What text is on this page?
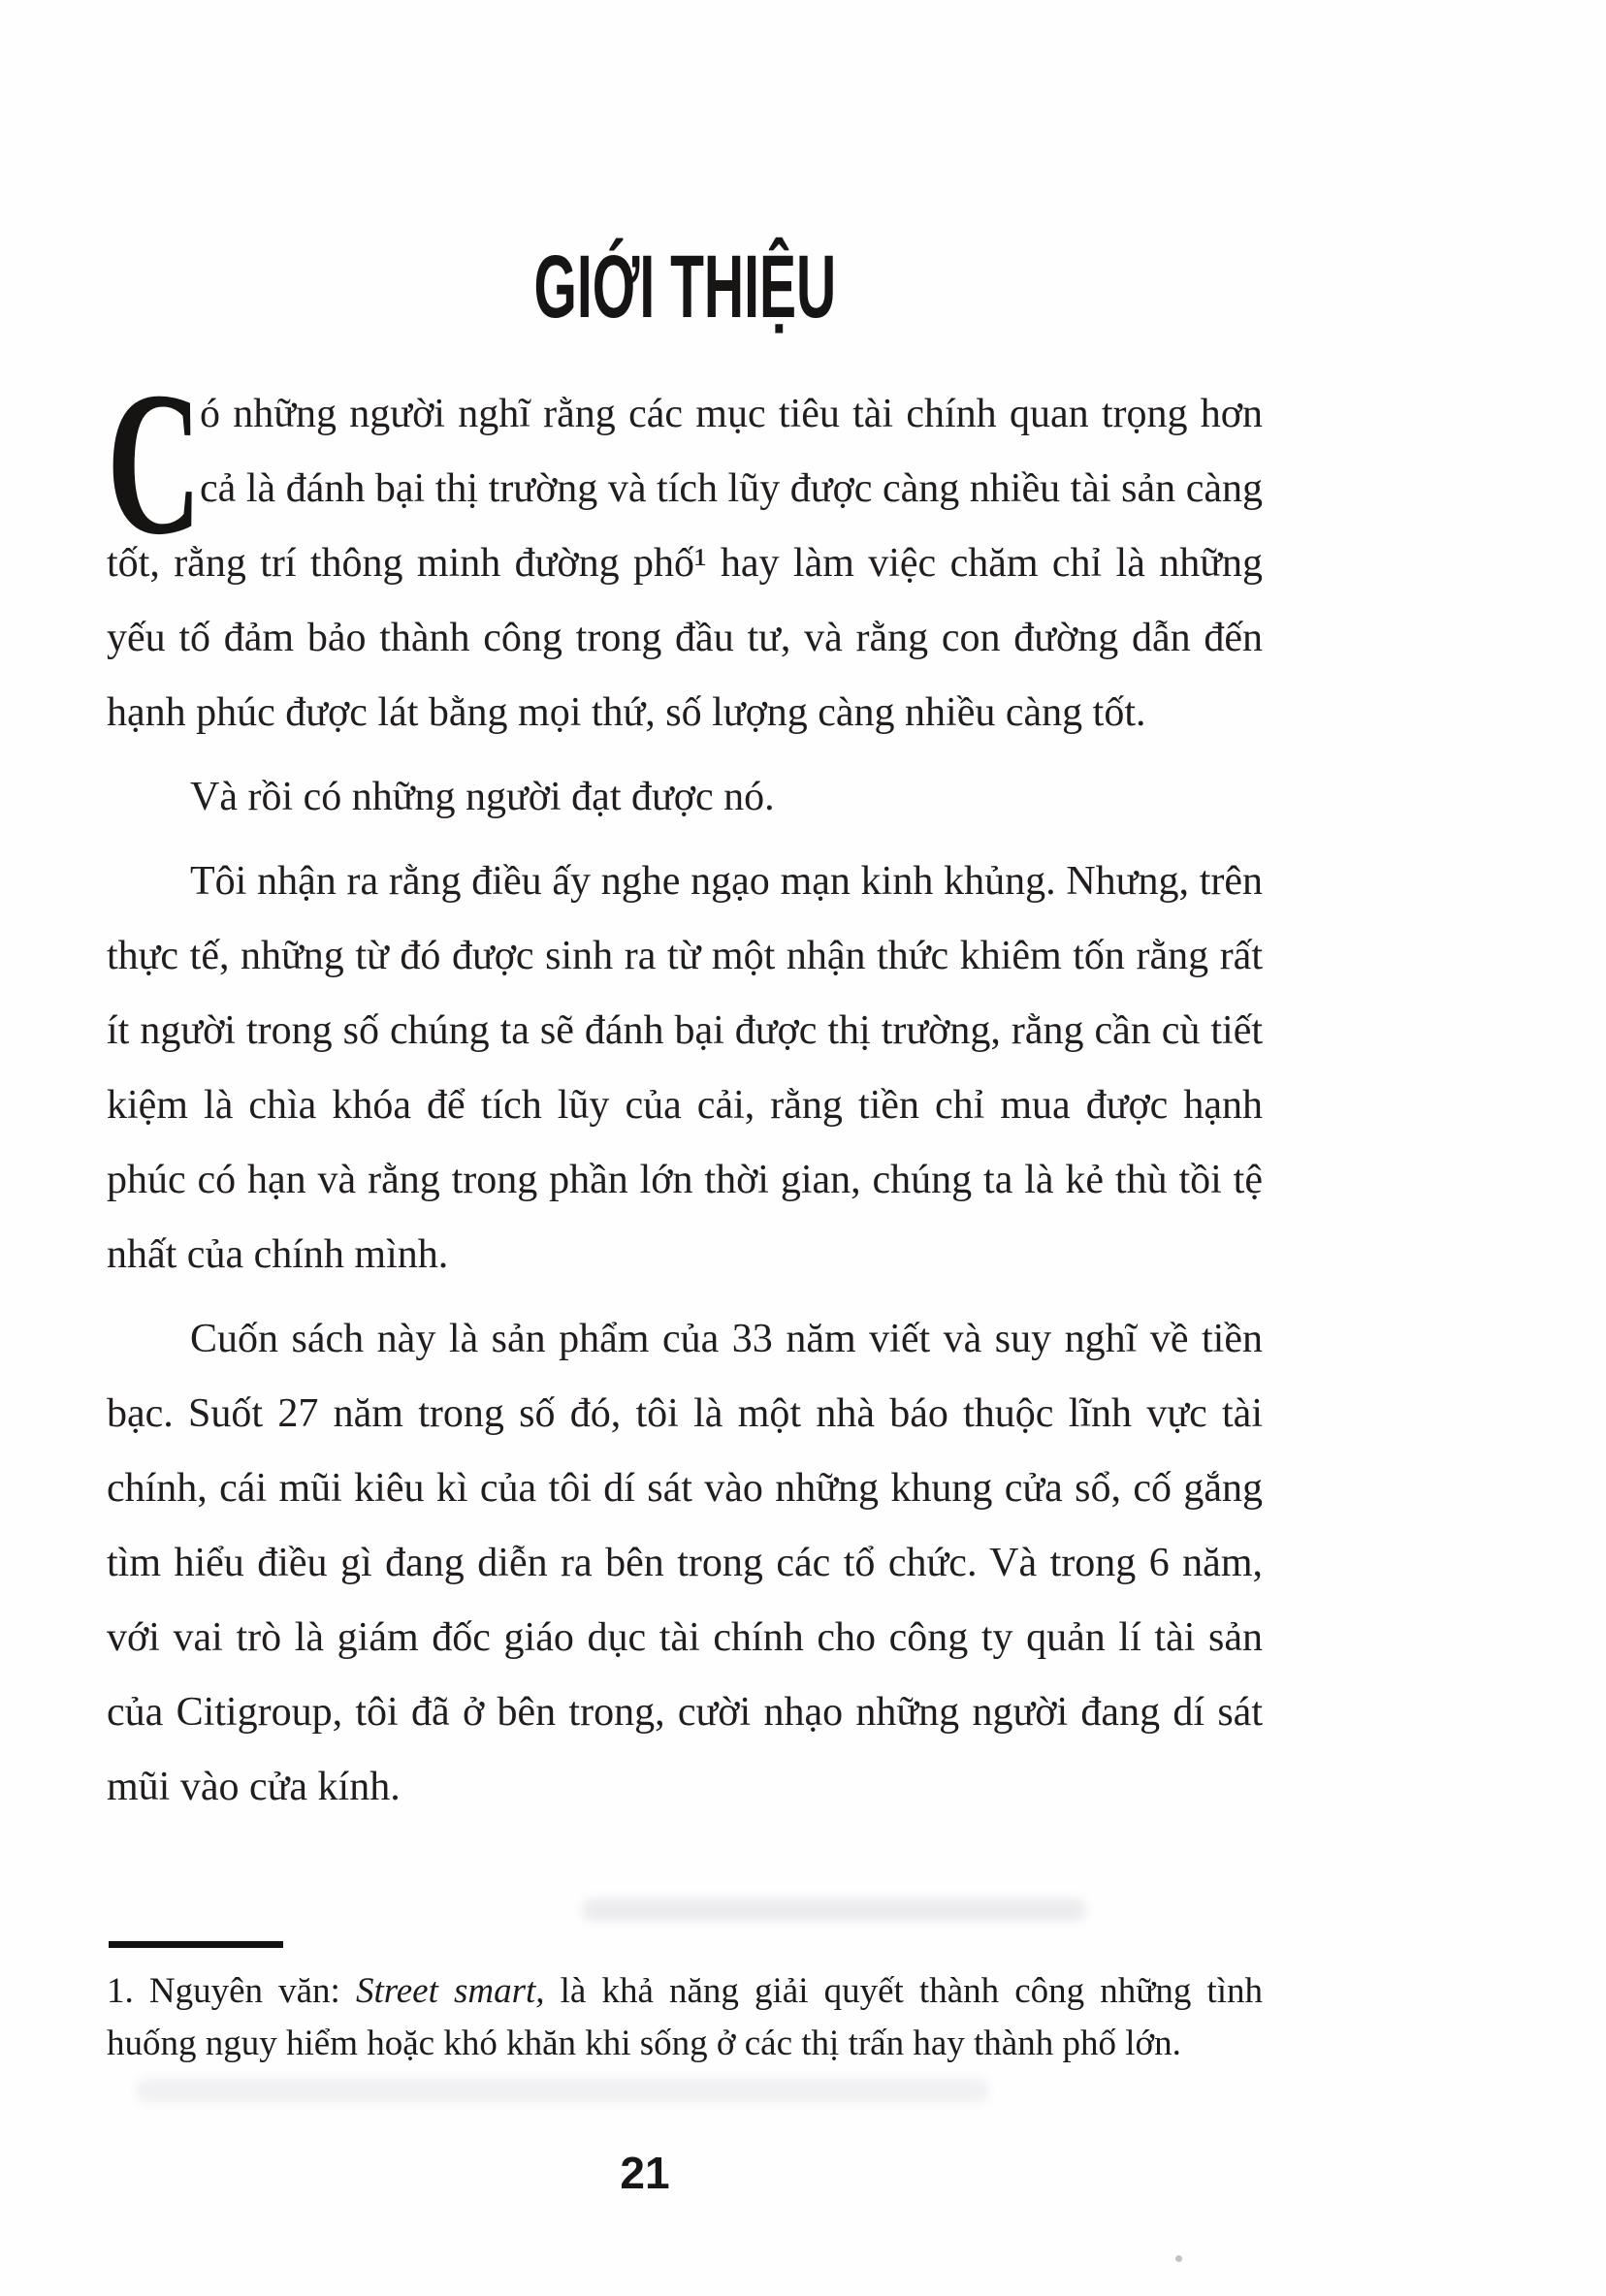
GIỚI THIỆU

C
ó những người nghĩ rằng các mục tiêu tài chính quan trọng hơn cả là đánh bại thị trường và tích lũy được càng nhiều tài sản càng tốt, rằng trí thông minh đường phố¹ hay làm việc chăm chỉ là những yếu tố đảm bảo thành công trong đầu tư, và rằng con đường dẫn đến hạnh phúc được lát bằng mọi thứ, số lượng càng nhiều càng tốt.

Và rồi có những người đạt được nó.

Tôi nhận ra rằng điều ấy nghe ngạo mạn kinh khủng. Nhưng, trên thực tế, những từ đó được sinh ra từ một nhận thức khiêm tốn rằng rất ít người trong số chúng ta sẽ đánh bại được thị trường, rằng cần cù tiết kiệm là chìa khóa để tích lũy của cải, rằng tiền chỉ mua được hạnh phúc có hạn và rằng trong phần lớn thời gian, chúng ta là kẻ thù tồi tệ nhất của chính mình.

Cuốn sách này là sản phẩm của 33 năm viết và suy nghĩ về tiền bạc. Suốt 27 năm trong số đó, tôi là một nhà báo thuộc lĩnh vực tài chính, cái mũi kiêu kì của tôi dí sát vào những khung cửa sổ, cố gắng tìm hiểu điều gì đang diễn ra bên trong các tổ chức. Và trong 6 năm, với vai trò là giám đốc giáo dục tài chính cho công ty quản lí tài sản của Citigroup, tôi đã ở bên trong, cười nhạo những người đang dí sát mũi vào cửa kính.

1. Nguyên văn: Street smart, là khả năng giải quyết thành công những tình huống nguy hiểm hoặc khó khăn khi sống ở các thị trấn hay thành phố lớn.
21
